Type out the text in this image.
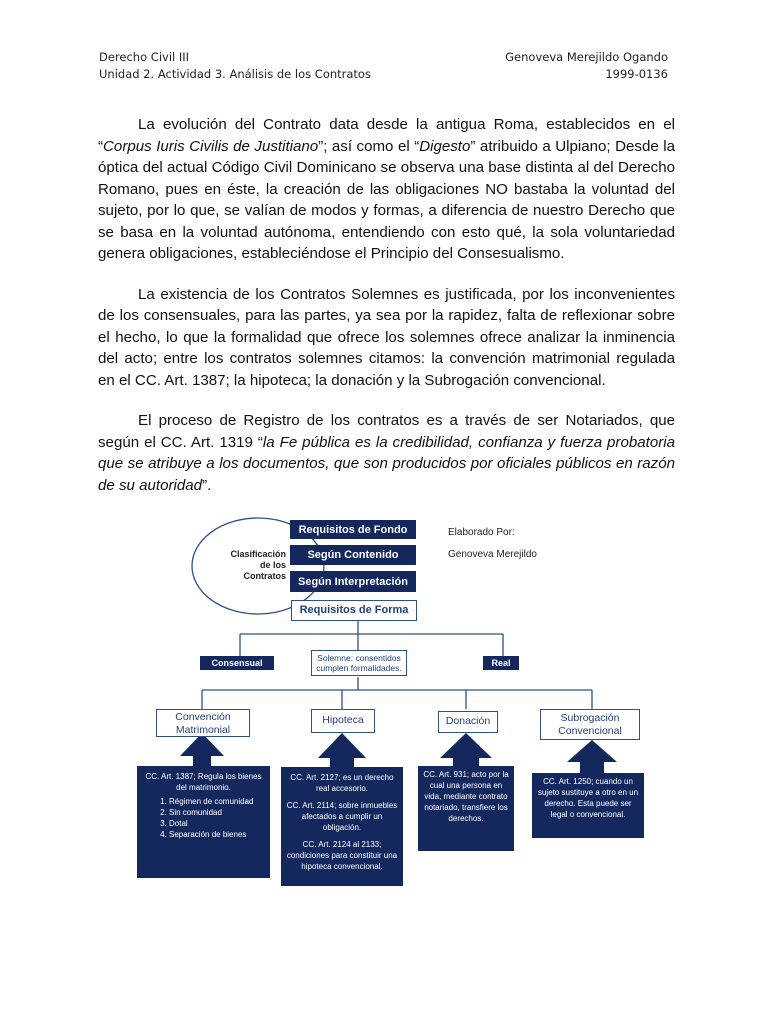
Derecho Civil III
Unidad 2. Actividad 3. Análisis de los Contratos
Genoveva Merejildo Ogando
1999-0136

La evolución del Contrato data desde la antigua Roma, establecidos en el “Corpus Iuris Civilis de Justitiano”; así como el “Digesto” atribuido a Ulpiano; Desde la óptica del actual Código Civil Dominicano se observa una base distinta al del Derecho Romano, pues en éste, la creación de las obligaciones NO bastaba la voluntad del sujeto, por lo que, se valían de modos y formas, a diferencia de nuestro Derecho que se basa en la voluntad autónoma, entendiendo con esto qué, la sola voluntariedad genera obligaciones, estableciéndose el Principio del Consesualismo.

La existencia de los Contratos Solemnes es justificada, por los inconvenientes de los consensuales, para las partes, ya sea por la rapidez, falta de reflexionar sobre el hecho, lo que la formalidad que ofrece los solemnes ofrece analizar la inminencia del acto; entre los contratos solemnes citamos: la convención matrimonial regulada en el CC. Art. 1387; la hipoteca; la donación y la Subrogación convencional.

El proceso de Registro de los contratos es a través de ser Notariados, que según el CC. Art. 1319 “la Fe pública es la credibilidad, confianza y fuerza probatoria que se atribuye a los documentos, que son producidos por oficiales públicos en razón de su autoridad”.

Elaborado Por:
Genoveva Merejildo
Clasificación de los Contratos
Requisitos de Fondo
Según Contenido
Según Interpretación
Requisitos de Forma
Consensual	Solemne: consentidos cumplen formalidades.	Real
Convención Matrimonial
Hipoteca	Donación	Subrogación Convencional
CC. Art. 1387; Regula los bienes del matrimonio.
1. Régimen de comunidad
2. Sin comunidad
3. Dotal
4. Separación de bienes
CC. Art. 2127; es un derecho real accesorio.
CC. Art. 2114; sobre inmuebles afectados a cumplir un obligación.
CC. Art. 2124 al 2133; condiciones para constituir una hipoteca convencional.
CC. Art. 931; acto por la cual una persona en vida, mediante contrato notariado, transfiere los derechos.
CC. Art. 1250; cuando un sujeto sustituye a otro en un derecho. Esta puede ser legal o convencional.
